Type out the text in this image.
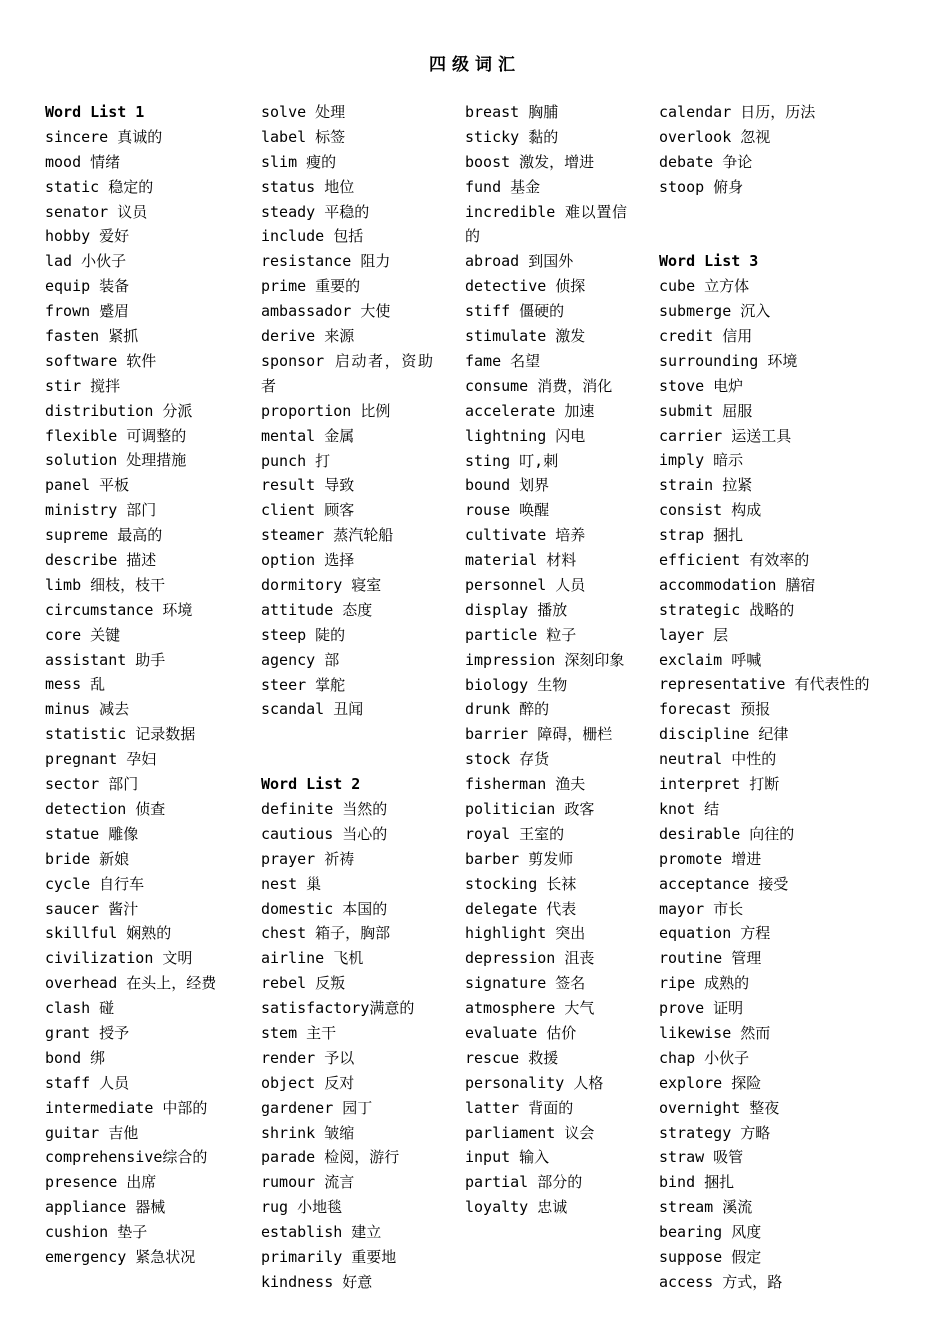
四级词汇
Word List 1
sincere 真诚的
mood 情绪
static 稳定的
senator 议员
hobby 爱好
lad 小伙子
equip 装备
frown 蹙眉
fasten 紧抓
software 软件
stir 搅拌
distribution 分派
flexible 可调整的
solution 处理措施
panel 平板
ministry 部门
supreme 最高的
describe 描述
limb 细枝，枝干
circumstance 环境
core 关键
assistant 助手
mess 乱
minus 减去
statistic 记录数据
pregnant 孕妇
sector 部门
detection 侦查
statue 雕像
bride 新娘
cycle 自行车
saucer 酱汁
skillful 娴熟的
civilization 文明
overhead 在头上，经费
clash 碰
grant 授予
bond 绑
staff 人员
intermediate 中部的
guitar 吉他
comprehensive综合的
presence 出席
appliance 器械
cushion 垫子
emergency 紧急状况
solve 处理
label 标签
slim 瘦的
status 地位
steady 平稳的
include 包括
resistance 阻力
prime 重要的
ambassador 大使
derive 来源
sponsor 启动者，资助者
proportion 比例
mental 金属
punch 打
result 导致
client 顾客
steamer 蒸汽轮船
option 选择
dormitory 寝室
attitude 态度
steep 陡的
agency 部
steer 掌舵
scandal 丑闻
Word List 2
definite 当然的
cautious 当心的
prayer 祈祷
nest 巢
domestic 本国的
chest 箱子，胸部
airline 飞机
rebel 反叛
satisfactory满意的
stem 主干
render 予以
object 反对
gardener 园丁
shrink 皱缩
parade 检阅，游行
rumour 流言
rug 小地毯
establish 建立
primarily 重要地
kindness 好意
breast 胸脯
sticky 黏的
boost 激发，增进
fund 基金
incredible 难以置信的
abroad 到国外
detective 侦探
stiff 僵硬的
stimulate 激发
fame 名望
consume 消费，消化
accelerate 加速
lightning 闪电
sting 叮,刺
bound 划界
rouse 唤醒
cultivate 培养
material 材料
personnel 人员
display 播放
particle 粒子
impression 深刻印象
biology 生物
drunk 醉的
barrier 障碍，栅栏
stock 存货
fisherman 渔夫
politician 政客
royal 王室的
barber 剪发师
stocking 长袜
delegate 代表
highlight 突出
depression 沮丧
signature 签名
atmosphere 大气
evaluate 估价
rescue 救援
personality 人格
latter 背面的
parliament 议会
input 输入
partial 部分的
loyalty 忠诚
calendar 日历，历法
overlook 忽视
debate 争论
stoop 俯身
Word List 3
cube 立方体
submerge 沉入
credit 信用
surrounding 环境
stove 电炉
submit 屈服
carrier 运送工具
imply 暗示
strain 拉紧
consist 构成
strap 捆扎
efficient 有效率的
accommodation 膳宿
strategic 战略的
layer 层
exclaim 呼喊
representative 有代表性的
forecast 预报
discipline 纪律
neutral 中性的
interpret 打断
knot 结
desirable 向往的
promote 增进
acceptance 接受
mayor 市长
equation 方程
routine 管理
ripe 成熟的
prove 证明
likewise 然而
chap 小伙子
explore 探险
overnight 整夜
strategy 方略
straw 吸管
bind 捆扎
stream 溪流
bearing 风度
suppose 假定
access 方式，路
